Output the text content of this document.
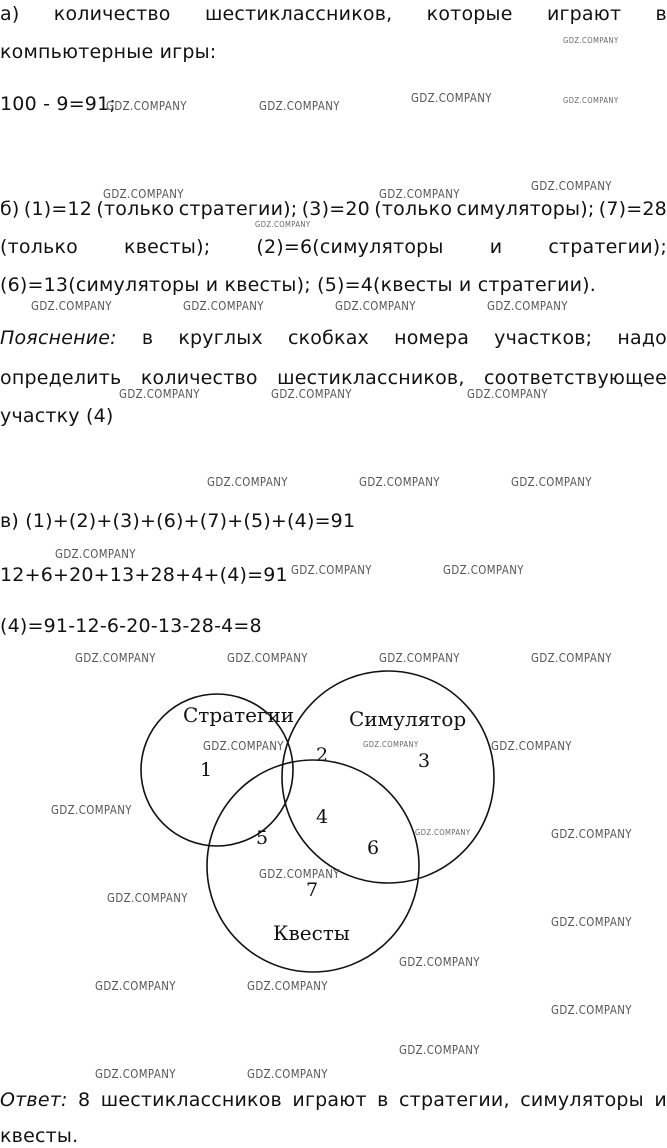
а) количество шестиклассников, которые играют в
компьютерные игры:
100 - 9=91;
б) (1)=12 (только стратегии); (3)=20 (только симуляторы); (7)=28
(только квесты); (2)=6(симуляторы и стратегии);
(6)=13(симуляторы и квесты); (5)=4(квесты и стратегии).
Пояснение: в круглых скобках номера участков; надо
определить количество шестиклассников, соответствующее
участку (4)
в) (1)+(2)+(3)+(6)+(7)+(5)+(4)=91
12+6+20+13+28+4+(4)=91
(4)=91-12-6-20-13-28-4=8
Стратегии	Симулятор
Квесты
1
2	3
4
5	6
7
Ответ: 8 шестиклассников играют в стратегии, симуляторы и
квесты.
GDZ.COMPANY
GDZ.COMPANY	GDZ.COMPANY
GDZ.COMPANY	GDZ.COMPANY
GDZ.COMPANY
GDZ.COMPANY	GDZ.COMPANY
GDZ.COMPANY
GDZ.COMPANY	GDZ.COMPANY	GDZ.COMPANY	GDZ.COMPANY
GDZ.COMPANY	GDZ.COMPANY	GDZ.COMPANY
GDZ.COMPANY	GDZ.COMPANY	GDZ.COMPANY
GDZ.COMPANY
GDZ.COMPANY	GDZ.COMPANY
GDZ.COMPANY	GDZ.COMPANY	GDZ.COMPANY	GDZ.COMPANY
GDZ.COMPANY	GDZ.COMPANY	GDZ.COMPANY
GDZ.COMPANY
GDZ.COMPANY	GDZ.COMPANY
GDZ.COMPANY
GDZ.COMPANY
GDZ.COMPANY
GDZ.COMPANY
GDZ.COMPANY	GDZ.COMPANY
GDZ.COMPANY
GDZ.COMPANY
GDZ.COMPANY	GDZ.COMPANY
